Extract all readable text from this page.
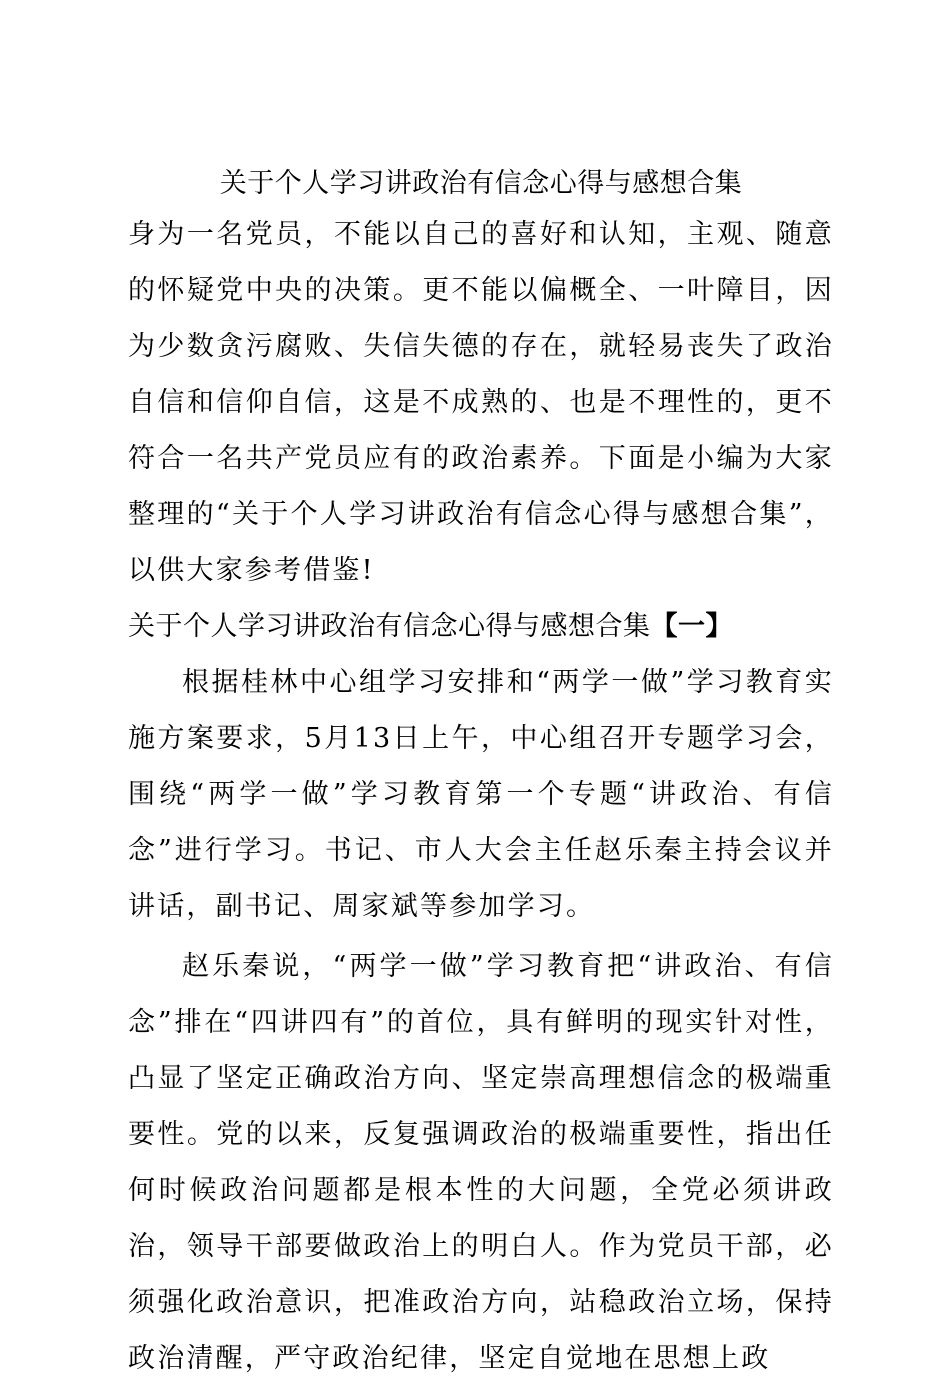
关于个人学习讲政治有信念心得与感想合集

身为一名党员，不能以自己的喜好和认知，主观、随意的怀疑党中央的决策。更不能以偏概全、一叶障目，因为少数贪污腐败、失信失德的存在，就轻易丧失了政治自信和信仰自信，这是不成熟的、也是不理性的，更不符合一名共产党员应有的政治素养。下面是小编为大家整理的“关于个人学习讲政治有信念心得与感想合集”，以供大家参考借鉴!

关于个人学习讲政治有信念心得与感想合集【一】

根据桂林中心组学习安排和“两学一做”学习教育实施方案要求，5月13日上午，中心组召开专题学习会，围绕“两学一做”学习教育第一个专题“讲政治、有信念”进行学习。书记、市人大会主任赵乐秦主持会议并讲话，副书记、周家斌等参加学习。

赵乐秦说，“两学一做”学习教育把“讲政治、有信念”排在“四讲四有”的首位，具有鲜明的现实针对性，凸显了坚定正确政治方向、坚定崇高理想信念的极端重要性。党的以来，反复强调政治的极端重要性，指出任何时候政治问题都是根本性的大问题，全党必须讲政治，领导干部要做政治上的明白人。作为党员干部，必须强化政治意识，把准政治方向，站稳政治立场，保持政治清醒，严守政治纪律，坚定自觉地在思想上政
